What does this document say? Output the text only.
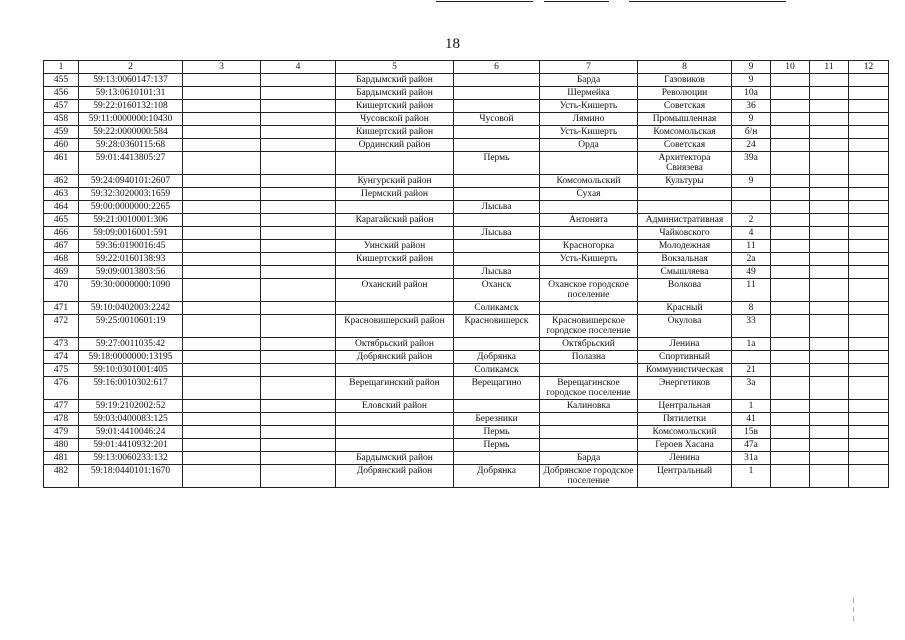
18
1	2	3	4	5	6	7	8	9	10	11	12
455	59:13:0060147:137			Бардымский район		Барда	Газовиков	9			
456	59:13:0610101:31			Бардымский район		Шермейка	Революции	10а			
457	59:22:0160132:108			Кишертский район		Усть-Кишерть	Советская	36			
458	59:11:0000000:10430			Чусовской район	Чусовой	Лямино	Промышленная	9			
459	59:22:0000000:584			Кишертский район		Усть-Кишерть	Комсомольская	б/н			
460	59:28:0360115:68			Ординский район		Орда	Советская	24			
461	59:01:4413805:27				Пермь		Архитектора Свиязева	39а			
462	59:24:0940101:2607			Кунгурский район		Комсомольский	Культуры	9			
463	59:32:3020003:1659			Пермский район		Сухая					
464	59:00:0000000:2265				Лысьва						
465	59:21:0010001:306			Карагайский район		Антонята	Административная	2			
466	59:09:0016001:591				Лысьва		Чайковского	4			
467	59:36:0190016:45			Уинский район		Красногорка	Молодежная	11			
468	59:22:0160138:93			Кишертский район		Усть-Кишерть	Вокзальная	2а			
469	59:09:0013803:56				Лысьва		Смышляева	49			
470	59:30:0000000:1090			Оханский район	Оханск	Оханское городское поселение	Волкова	11			
471	59:10:0402003:2242				Соликамск		Красный	8			
472	59:25:0010601:19			Красновишерский район	Красновишерск	Красновишерское городское поселение	Окулова	33			
473	59:27:0011035:42			Октябрьский район		Октябрьский	Ленина	1а			
474	59:18:0000000:13195			Добрянский район	Добрянка	Полазна	Спортивный				
475	59:10:0301001:405				Соликамск		Коммунистическая	21			
476	59:16:0010302:617			Верещагинский район	Верещагино	Верещагинское городское поселение	Энергетиков	3а			
477	59:19:2102002:52			Еловский район		Калиновка	Центральная	1			
478	59:03:0400083:125				Березники		Пятилетки	41			
479	59:01:4410046:24				Пермь		Комсомольский	15в			
480	59:01:4410932:201				Пермь		Героев Хасана	47а			
481	59:13:0060233:132			Бардымский район		Барда	Ленина	31а			
482	59:18:0440101:1670			Добрянский район	Добрянка	Добрянское городское поселение	Центральный	1			
